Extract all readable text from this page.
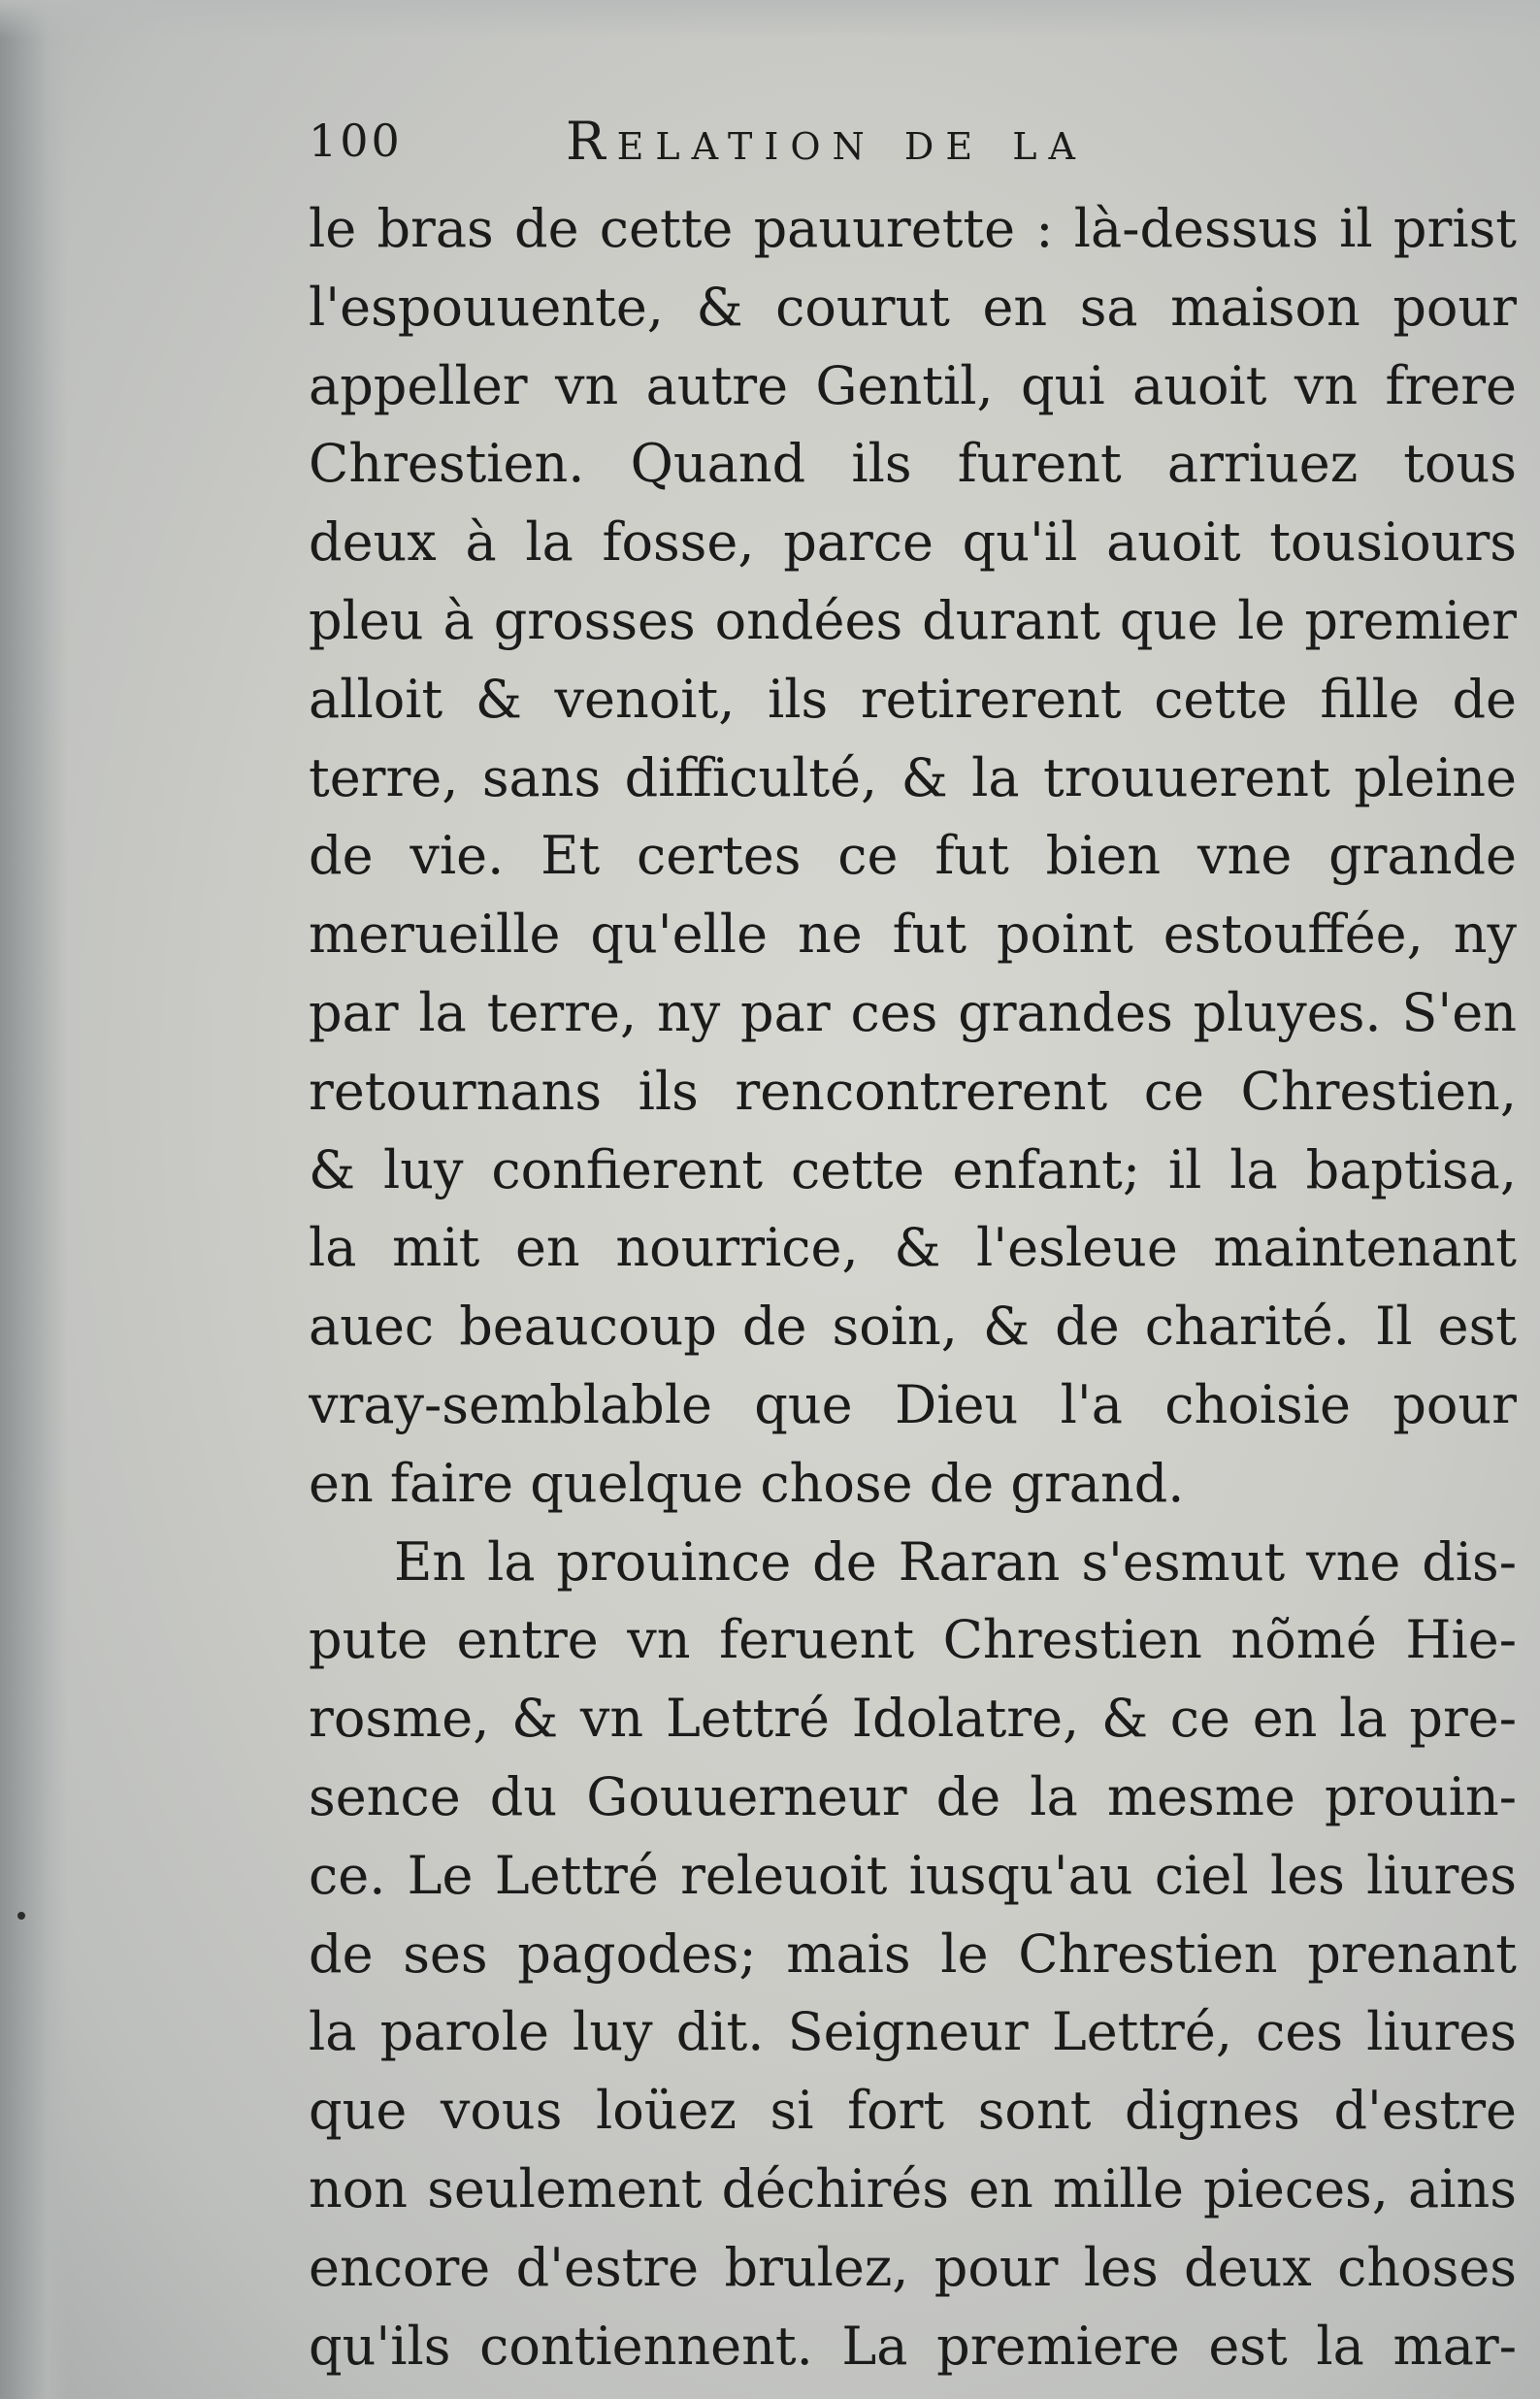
100	Relation de la
le bras de cette pauurette : là-dessus il prist
l'espouuente, & courut en sa maison pour
appeller vn autre Gentil, qui auoit vn frere
Chrestien. Quand ils furent arriuez tous
deux à la fosse, parce qu'il auoit tousiours
pleu à grosses ondées durant que le premier
alloit & venoit, ils retirerent cette fille de
terre, sans difficulté, & la trouuerent pleine
de vie. Et certes ce fut bien vne grande
merueille qu'elle ne fut point estouffée, ny
par la terre, ny par ces grandes pluyes. S'en
retournans ils rencontrerent ce Chrestien,
& luy confierent cette enfant; il la baptisa,
la mit en nourrice, & l'esleue maintenant
auec beaucoup de soin, & de charité. Il est
vray-semblable que Dieu l'a choisie pour
en faire quelque chose de grand.
En la prouince de Raran s'esmut vne dis-
pute entre vn feruent Chrestien nõmé Hie-
rosme, & vn Lettré Idolatre, & ce en la pre-
sence du Gouuerneur de la mesme prouin-
ce. Le Lettré releuoit iusqu'au ciel les liures
de ses pagodes; mais le Chrestien prenant
la parole luy dit. Seigneur Lettré, ces liures
que vous loüez si fort sont dignes d'estre
non seulement déchirés en mille pieces, ains
encore d'estre brulez, pour les deux choses
qu'ils contiennent. La premiere est la mar-
